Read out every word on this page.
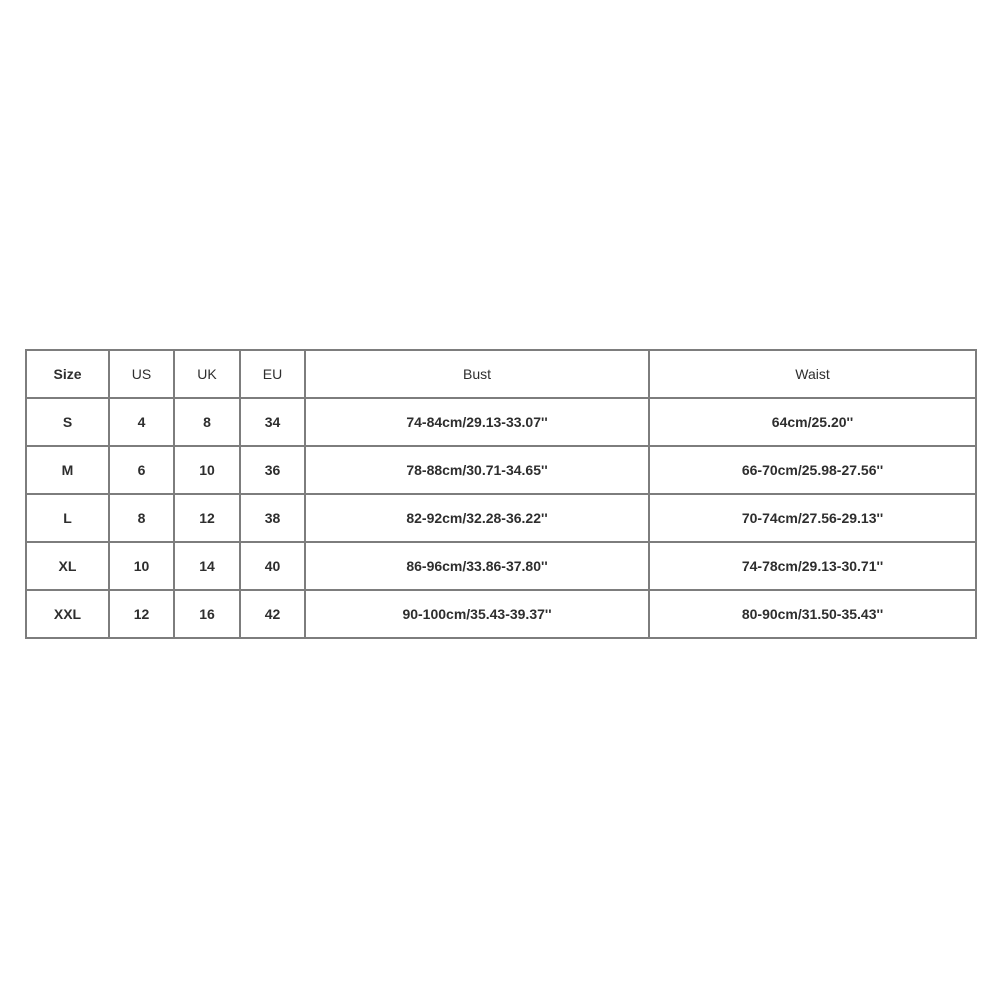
Size	US	UK	EU	Bust	Waist
S	4	8	34	74-84cm/29.13-33.07''	64cm/25.20''
M	6	10	36	78-88cm/30.71-34.65''	66-70cm/25.98-27.56''
L	8	12	38	82-92cm/32.28-36.22''	70-74cm/27.56-29.13''
XL	10	14	40	86-96cm/33.86-37.80''	74-78cm/29.13-30.71''
XXL	12	16	42	90-100cm/35.43-39.37''	80-90cm/31.50-35.43''
